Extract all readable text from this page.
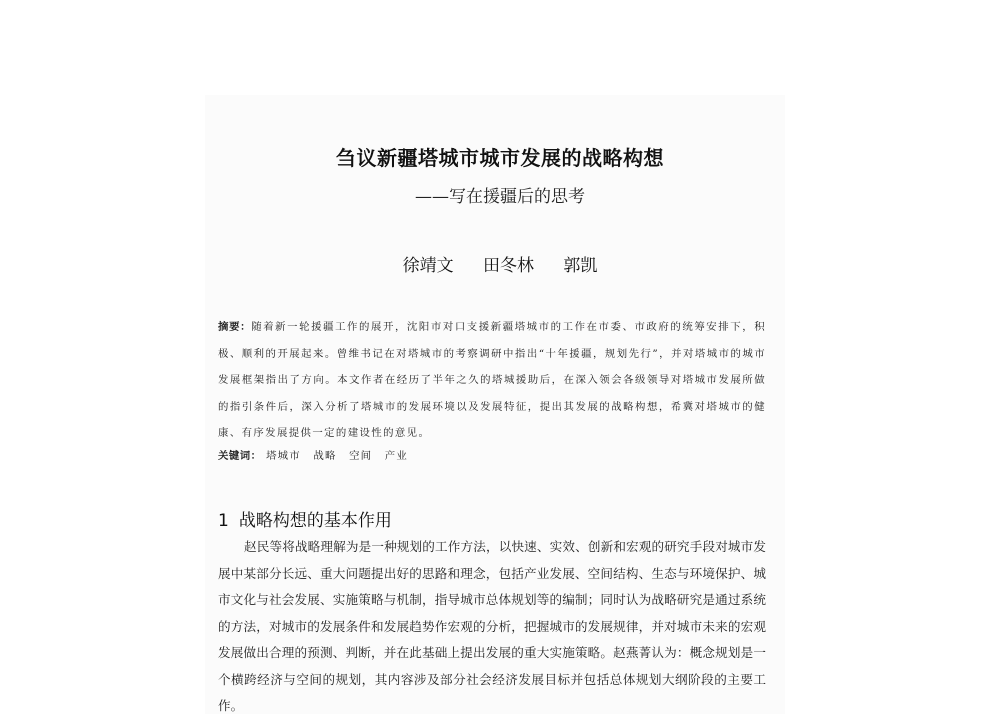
刍议新疆塔城市城市发展的战略构想
——写在援疆后的思考
徐靖文 田冬林 郭凯
摘要：随着新一轮援疆工作的展开，沈阳市对口支援新疆塔城市的工作在市委、市政府的统筹安排下，积极、顺利的开展起来。曾维书记在对塔城市的考察调研中指出“十年援疆，规划先行”，并对塔城市的城市发展框架指出了方向。本文作者在经历了半年之久的塔城援助后，在深入领会各级领导对塔城市发展所做的指引条件后，深入分析了塔城市的发展环境以及发展特征，提出其发展的战略构想，希冀对塔城市的健康、有序发展提供一定的建设性的意见。
关键词： 塔城市 战略 空间 产业
1 战略构想的基本作用
赵民等将战略理解为是一种规划的工作方法，以快速、实效、创新和宏观的研究手段对城市发展中某部分长远、重大问题提出好的思路和理念，包括产业发展、空间结构、生态与环境保护、城市文化与社会发展、实施策略与机制，指导城市总体规划等的编制；同时认为战略研究是通过系统的方法，对城市的发展条件和发展趋势作宏观的分析，把握城市的发展规律，并对城市未来的宏观发展做出合理的预测、判断，并在此基础上提出发展的重大实施策略。赵燕菁认为：概念规划是一个横跨经济与空间的规划，其内容涉及部分社会经济发展目标并包括总体规划大纲阶段的主要工作。
